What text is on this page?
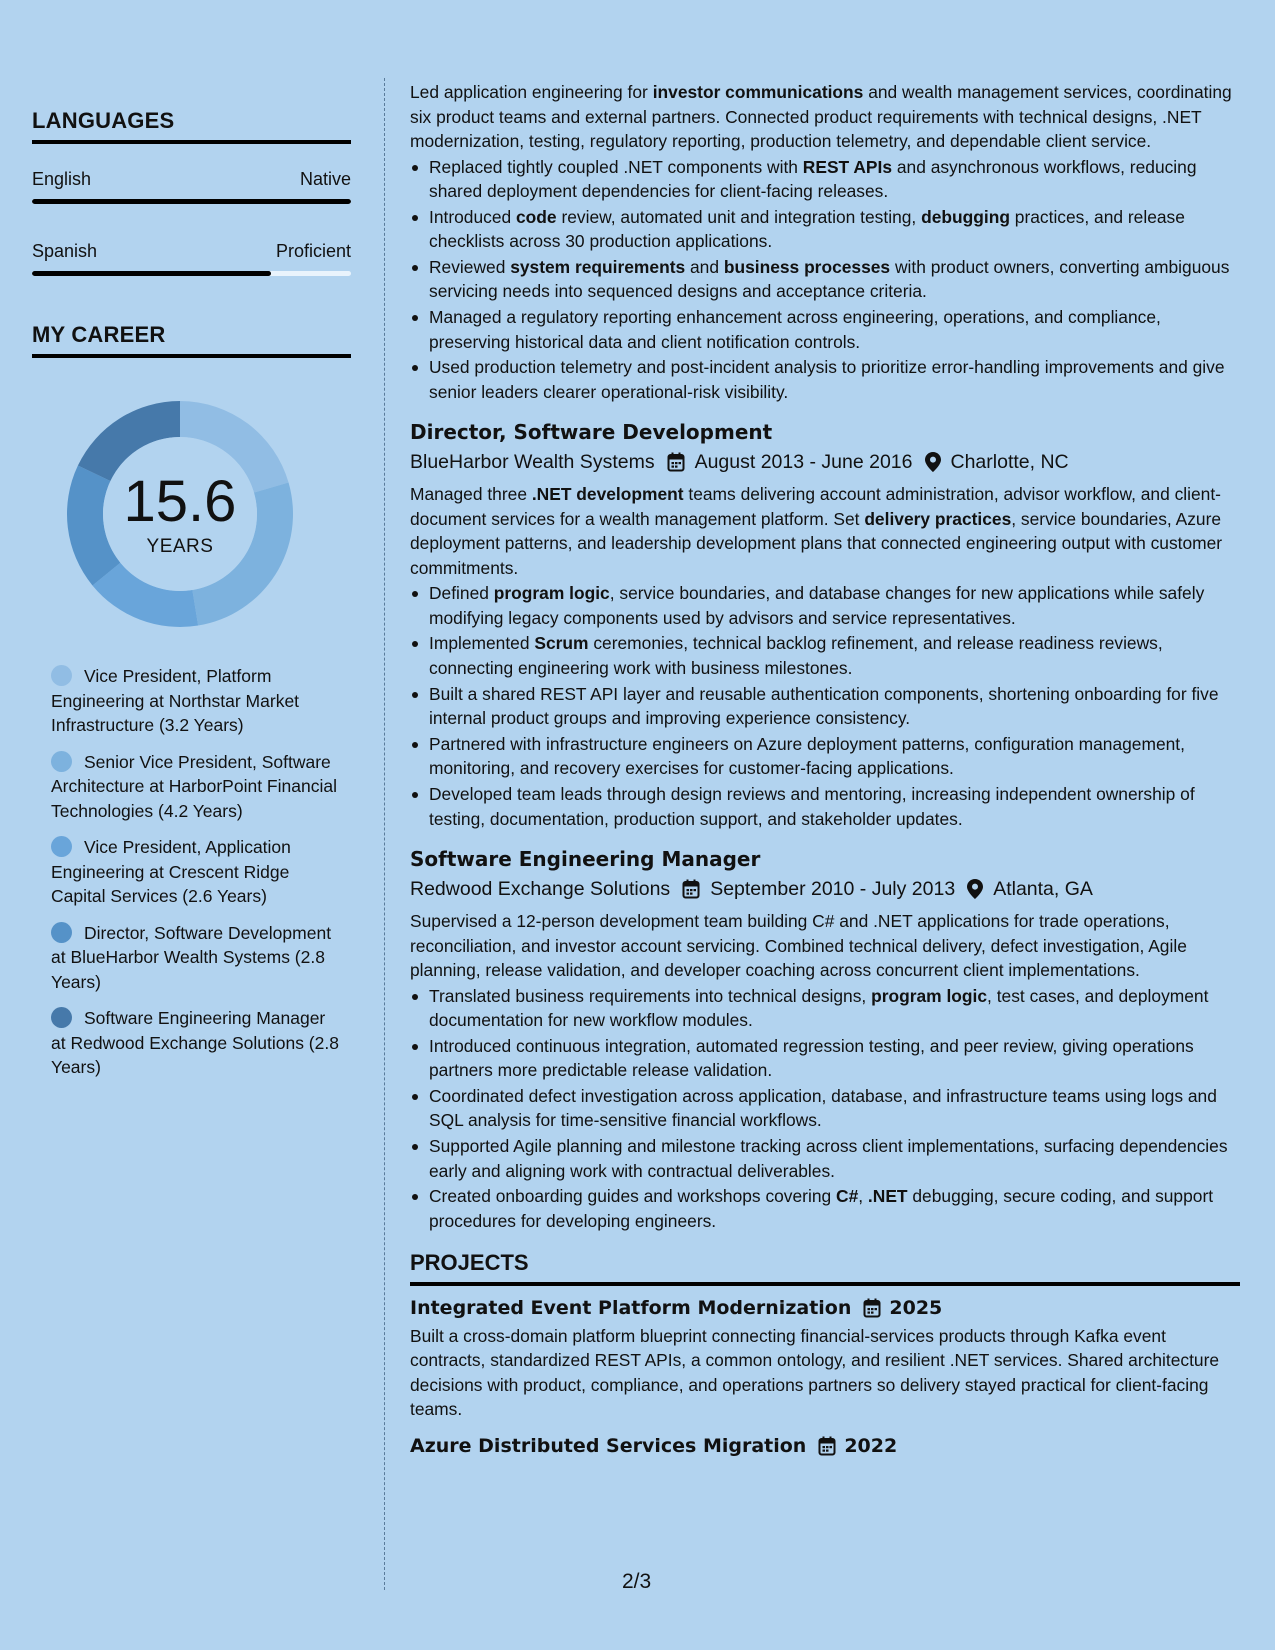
LANGUAGES
English	Native
Spanish	Proficient
MY CAREER
15.6
YEARS
Vice President, Platform Engineering at Northstar Market Infrastructure (3.2 Years)
Senior Vice President, Software Architecture at HarborPoint Financial Technologies (4.2 Years)
Vice President, Application Engineering at Crescent Ridge Capital Services (2.6 Years)
Director, Software Development at BlueHarbor Wealth Systems (2.8 Years)
Software Engineering Manager at Redwood Exchange Solutions (2.8 Years)

Led application engineering for investor communications and wealth management services, coordinating six product teams and external partners. Connected product requirements with technical designs, .NET modernization, testing, regulatory reporting, production telemetry, and dependable client service.

Replaced tightly coupled .NET components with REST APIs and asynchronous workflows, reducing shared deployment dependencies for client-facing releases.
Introduced code review, automated unit and integration testing, debugging practices, and release checklists across 30 production applications.
Reviewed system requirements and business processes with product owners, converting ambiguous servicing needs into sequenced designs and acceptance criteria.
Managed a regulatory reporting enhancement across engineering, operations, and compliance, preserving historical data and client notification controls.
Used production telemetry and post-incident analysis to prioritize error-handling improvements and give senior leaders clearer operational-risk visibility.
Director, Software Development
BlueHarbor Wealth Systems August 2013 - June 2016 Charlotte, NC

Managed three .NET development teams delivering account administration, advisor workflow, and client-document services for a wealth management platform. Set delivery practices, service boundaries, Azure deployment patterns, and leadership development plans that connected engineering output with customer commitments.

Defined program logic, service boundaries, and database changes for new applications while safely modifying legacy components used by advisors and service representatives.
Implemented Scrum ceremonies, technical backlog refinement, and release readiness reviews, connecting engineering work with business milestones.
Built a shared REST API layer and reusable authentication components, shortening onboarding for five internal product groups and improving experience consistency.
Partnered with infrastructure engineers on Azure deployment patterns, configuration management, monitoring, and recovery exercises for customer-facing applications.
Developed team leads through design reviews and mentoring, increasing independent ownership of testing, documentation, production support, and stakeholder updates.
Software Engineering Manager
Redwood Exchange Solutions September 2010 - July 2013 Atlanta, GA

Supervised a 12-person development team building C# and .NET applications for trade operations, reconciliation, and investor account servicing. Combined technical delivery, defect investigation, Agile planning, release validation, and developer coaching across concurrent client implementations.

Translated business requirements into technical designs, program logic, test cases, and deployment documentation for new workflow modules.
Introduced continuous integration, automated regression testing, and peer review, giving operations partners more predictable release validation.
Coordinated defect investigation across application, database, and infrastructure teams using logs and SQL analysis for time-sensitive financial workflows.
Supported Agile planning and milestone tracking across client implementations, surfacing dependencies early and aligning work with contractual deliverables.
Created onboarding guides and workshops covering C#, .NET debugging, secure coding, and support procedures for developing engineers.
PROJECTS
Integrated Event Platform Modernization 2025

Built a cross-domain platform blueprint connecting financial-services products through Kafka event contracts, standardized REST APIs, a common ontology, and resilient .NET services. Shared architecture decisions with product, compliance, and operations partners so delivery stayed practical for client-facing teams.

Azure Distributed Services Migration 2022
2/3
